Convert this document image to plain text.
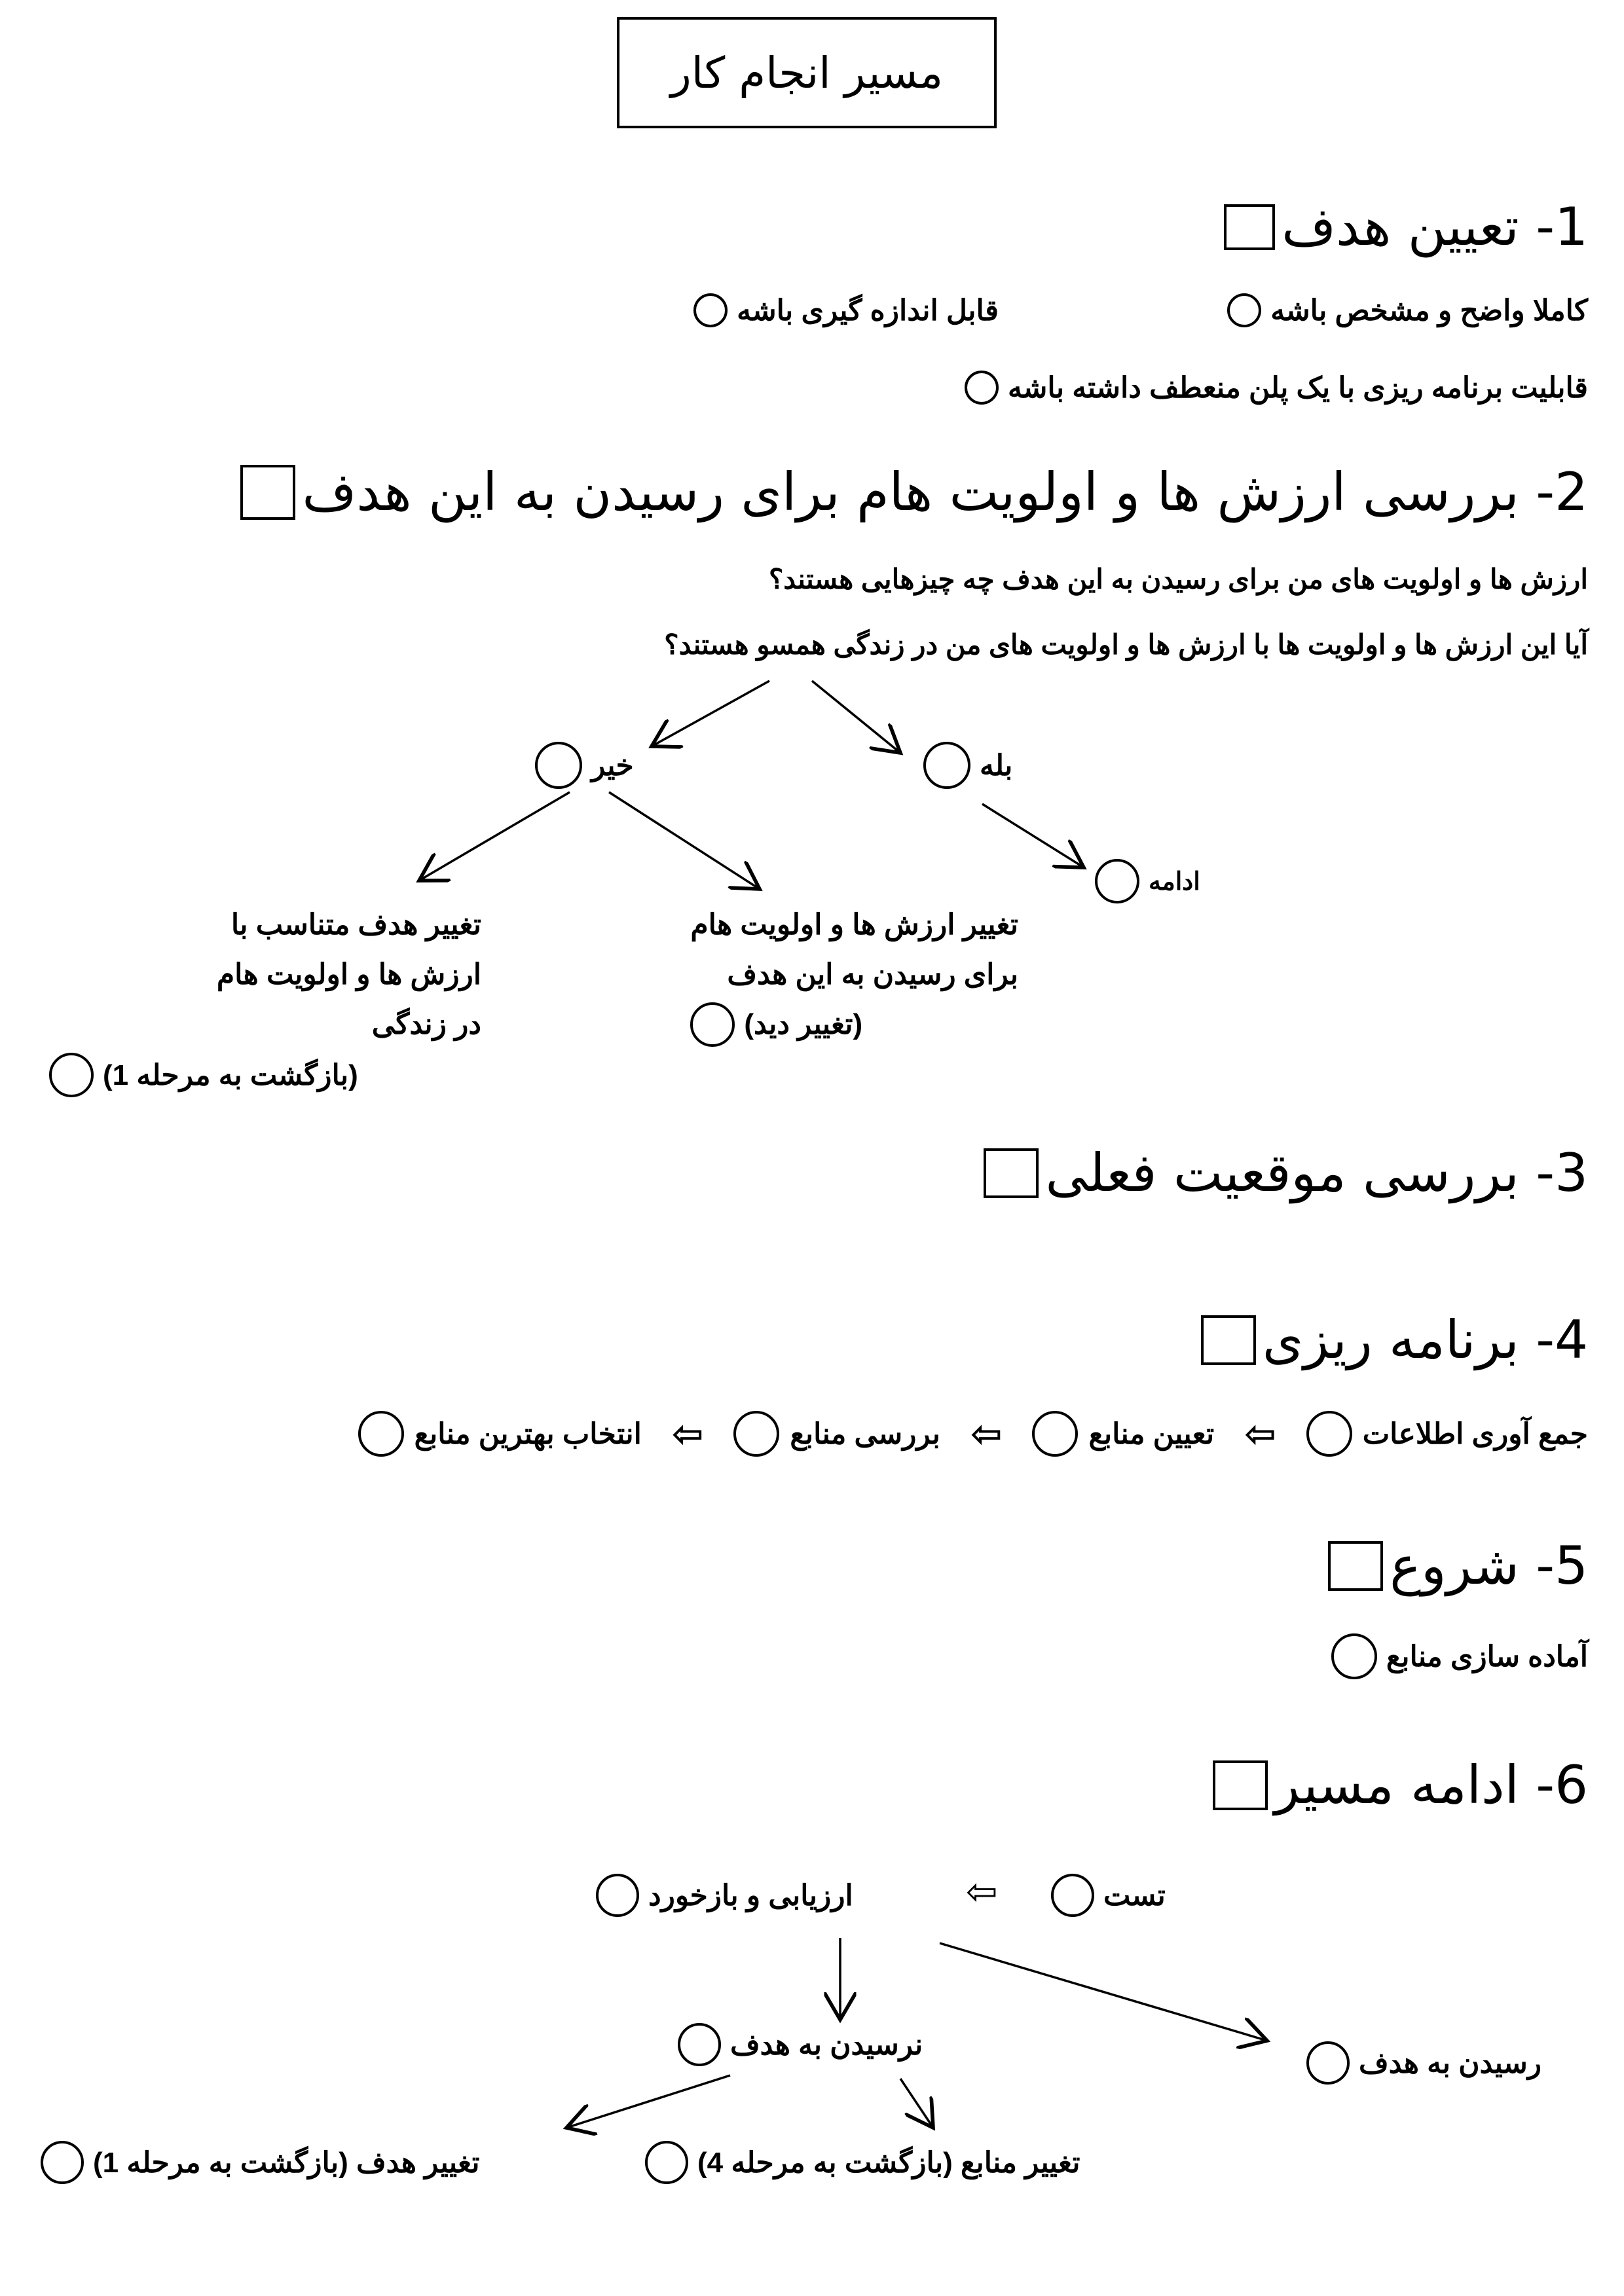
مسیر انجام کار
1- تعیین هدف
کاملا واضح و مشخص باشه
قابل اندازه گیری باشه
قابلیت برنامه ریزی با یک پلن منعطف داشته باشه
2- بررسی ارزش ها و اولویت هام برای رسیدن به این هدف
ارزش ها و اولویت های من برای رسیدن به این هدف چه چیزهایی هستند؟
آیا این ارزش ها و اولویت ها با ارزش ها و اولویت های من در زندگی همسو هستند؟
خیر	بله
ادامه
تغییر ارزش ها و اولویت هام
برای رسیدن به این هدف
(تغییر دید)
تغییر هدف متناسب با
ارزش ها و اولویت هام
در زندگی
(بازگشت به مرحله 1)
3- بررسی موقعیت فعلی
4- برنامه ریزی
جمع آوری اطلاعات
⇦
تعیین منابع
⇦
بررسی منابع
⇦
انتخاب بهترین منابع
5- شروع
آماده سازی منابع
6- ادامه مسیر
تست
⇦
ارزیابی و بازخورد
نرسیدن به هدف
رسیدن به هدف
تغییر منابع (بازگشت به مرحله 4)
تغییر هدف (بازگشت به مرحله 1)
